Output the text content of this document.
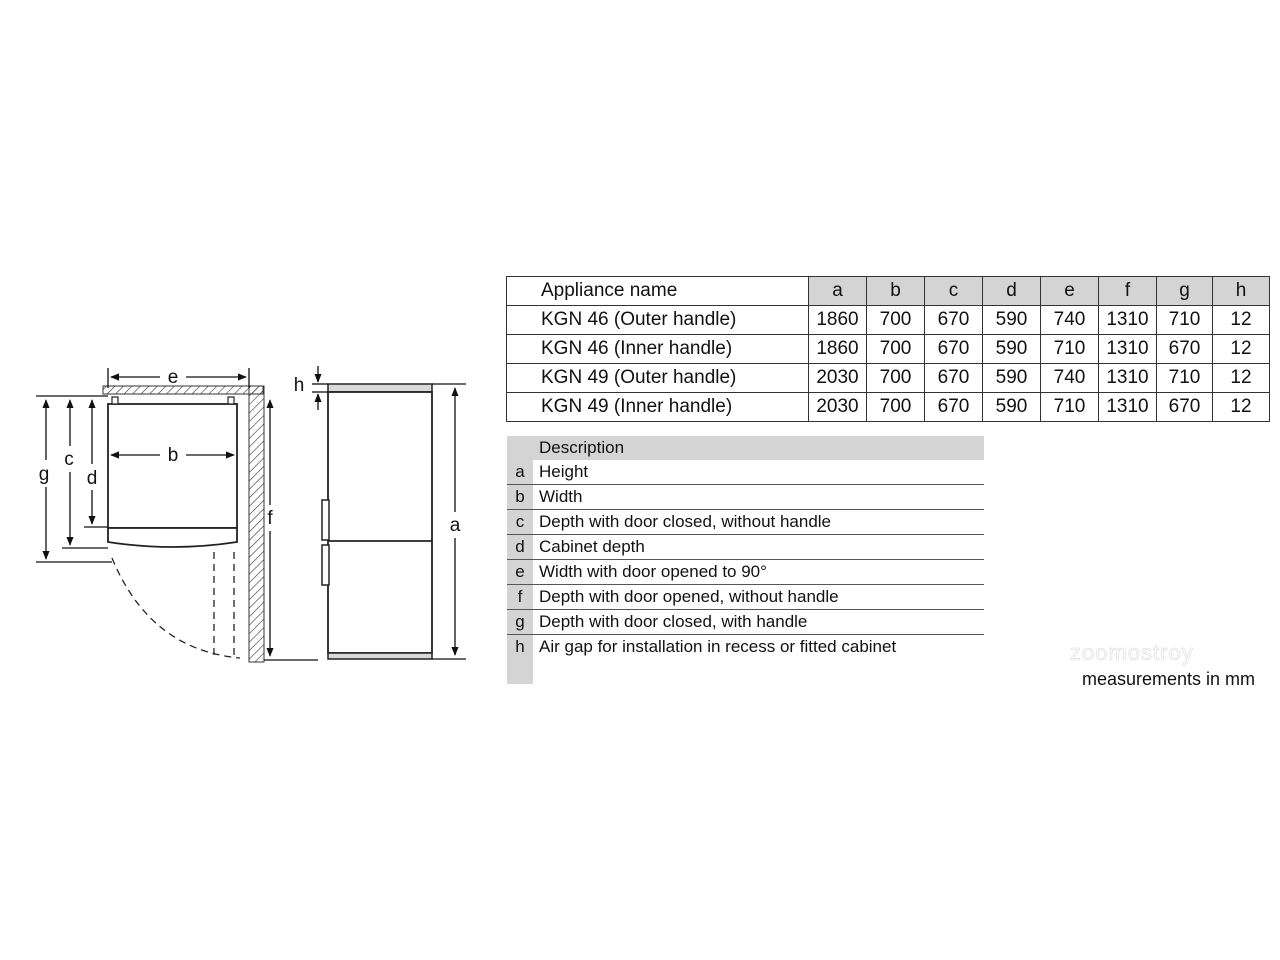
e
b
g
c
d
f
h
a
Appliance name	a	b	c	d	e	f	g	h
KGN 46 (Outer handle)	1860	700	670	590	740	1310	710	12
KGN 46 (Inner handle)	1860	700	670	590	710	1310	670	12
KGN 49 (Outer handle)	2030	700	670	590	740	1310	710	12
KGN 49 (Inner handle)	2030	700	670	590	710	1310	670	12
Description
a Height
b Width
c Depth with door closed, without handle
d Cabinet depth
e Width with door opened to 90°
f Depth with door opened, without handle
g Depth with door closed, with handle
h Air gap for installation in recess or fitted cabinet	zoomostroy
measurements in mm
